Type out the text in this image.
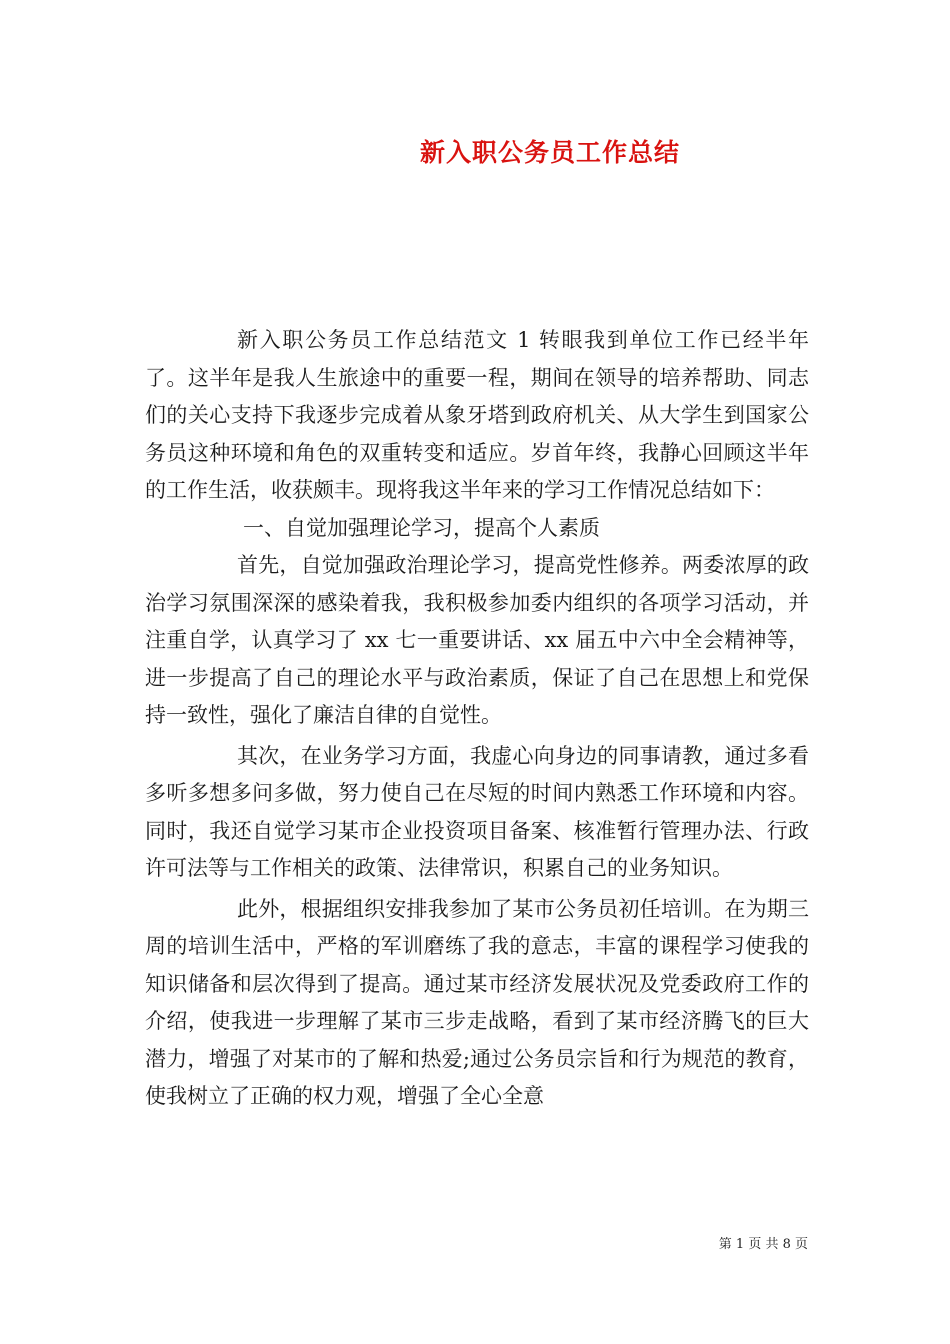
新入职公务员工作总结

新入职公务员工作总结范文 1 转眼我到单位工作已经半年了。这半年是我人生旅途中的重要一程，期间在领导的培养帮助、同志们的关心支持下我逐步完成着从象牙塔到政府机关、从大学生到国家公务员这种环境和角色的双重转变和适应。岁首年终，我静心回顾这半年的工作生活，收获颇丰。现将我这半年来的学习工作情况总结如下：

一、自觉加强理论学习，提高个人素质

首先，自觉加强政治理论学习，提高党性修养。两委浓厚的政治学习氛围深深的感染着我，我积极参加委内组织的各项学习活动，并注重自学，认真学习了 xx 七一重要讲话、xx 届五中六中全会精神等，进一步提高了自己的理论水平与政治素质，保证了自己在思想上和党保持一致性，强化了廉洁自律的自觉性。

其次，在业务学习方面，我虚心向身边的同事请教，通过多看多听多想多问多做，努力使自己在尽短的时间内熟悉工作环境和内容。同时，我还自觉学习某市企业投资项目备案、核准暂行管理办法、行政许可法等与工作相关的政策、法律常识，积累自己的业务知识。

此外，根据组织安排我参加了某市公务员初任培训。在为期三周的培训生活中，严格的军训磨练了我的意志，丰富的课程学习使我的知识储备和层次得到了提高。通过某市经济发展状况及党委政府工作的介绍，使我进一步理解了某市三步走战略，看到了某市经济腾飞的巨大潜力，增强了对某市的了解和热爱;通过公务员宗旨和行为规范的教育，使我树立了正确的权力观，增强了全心全意

第 1 页 共 8 页
